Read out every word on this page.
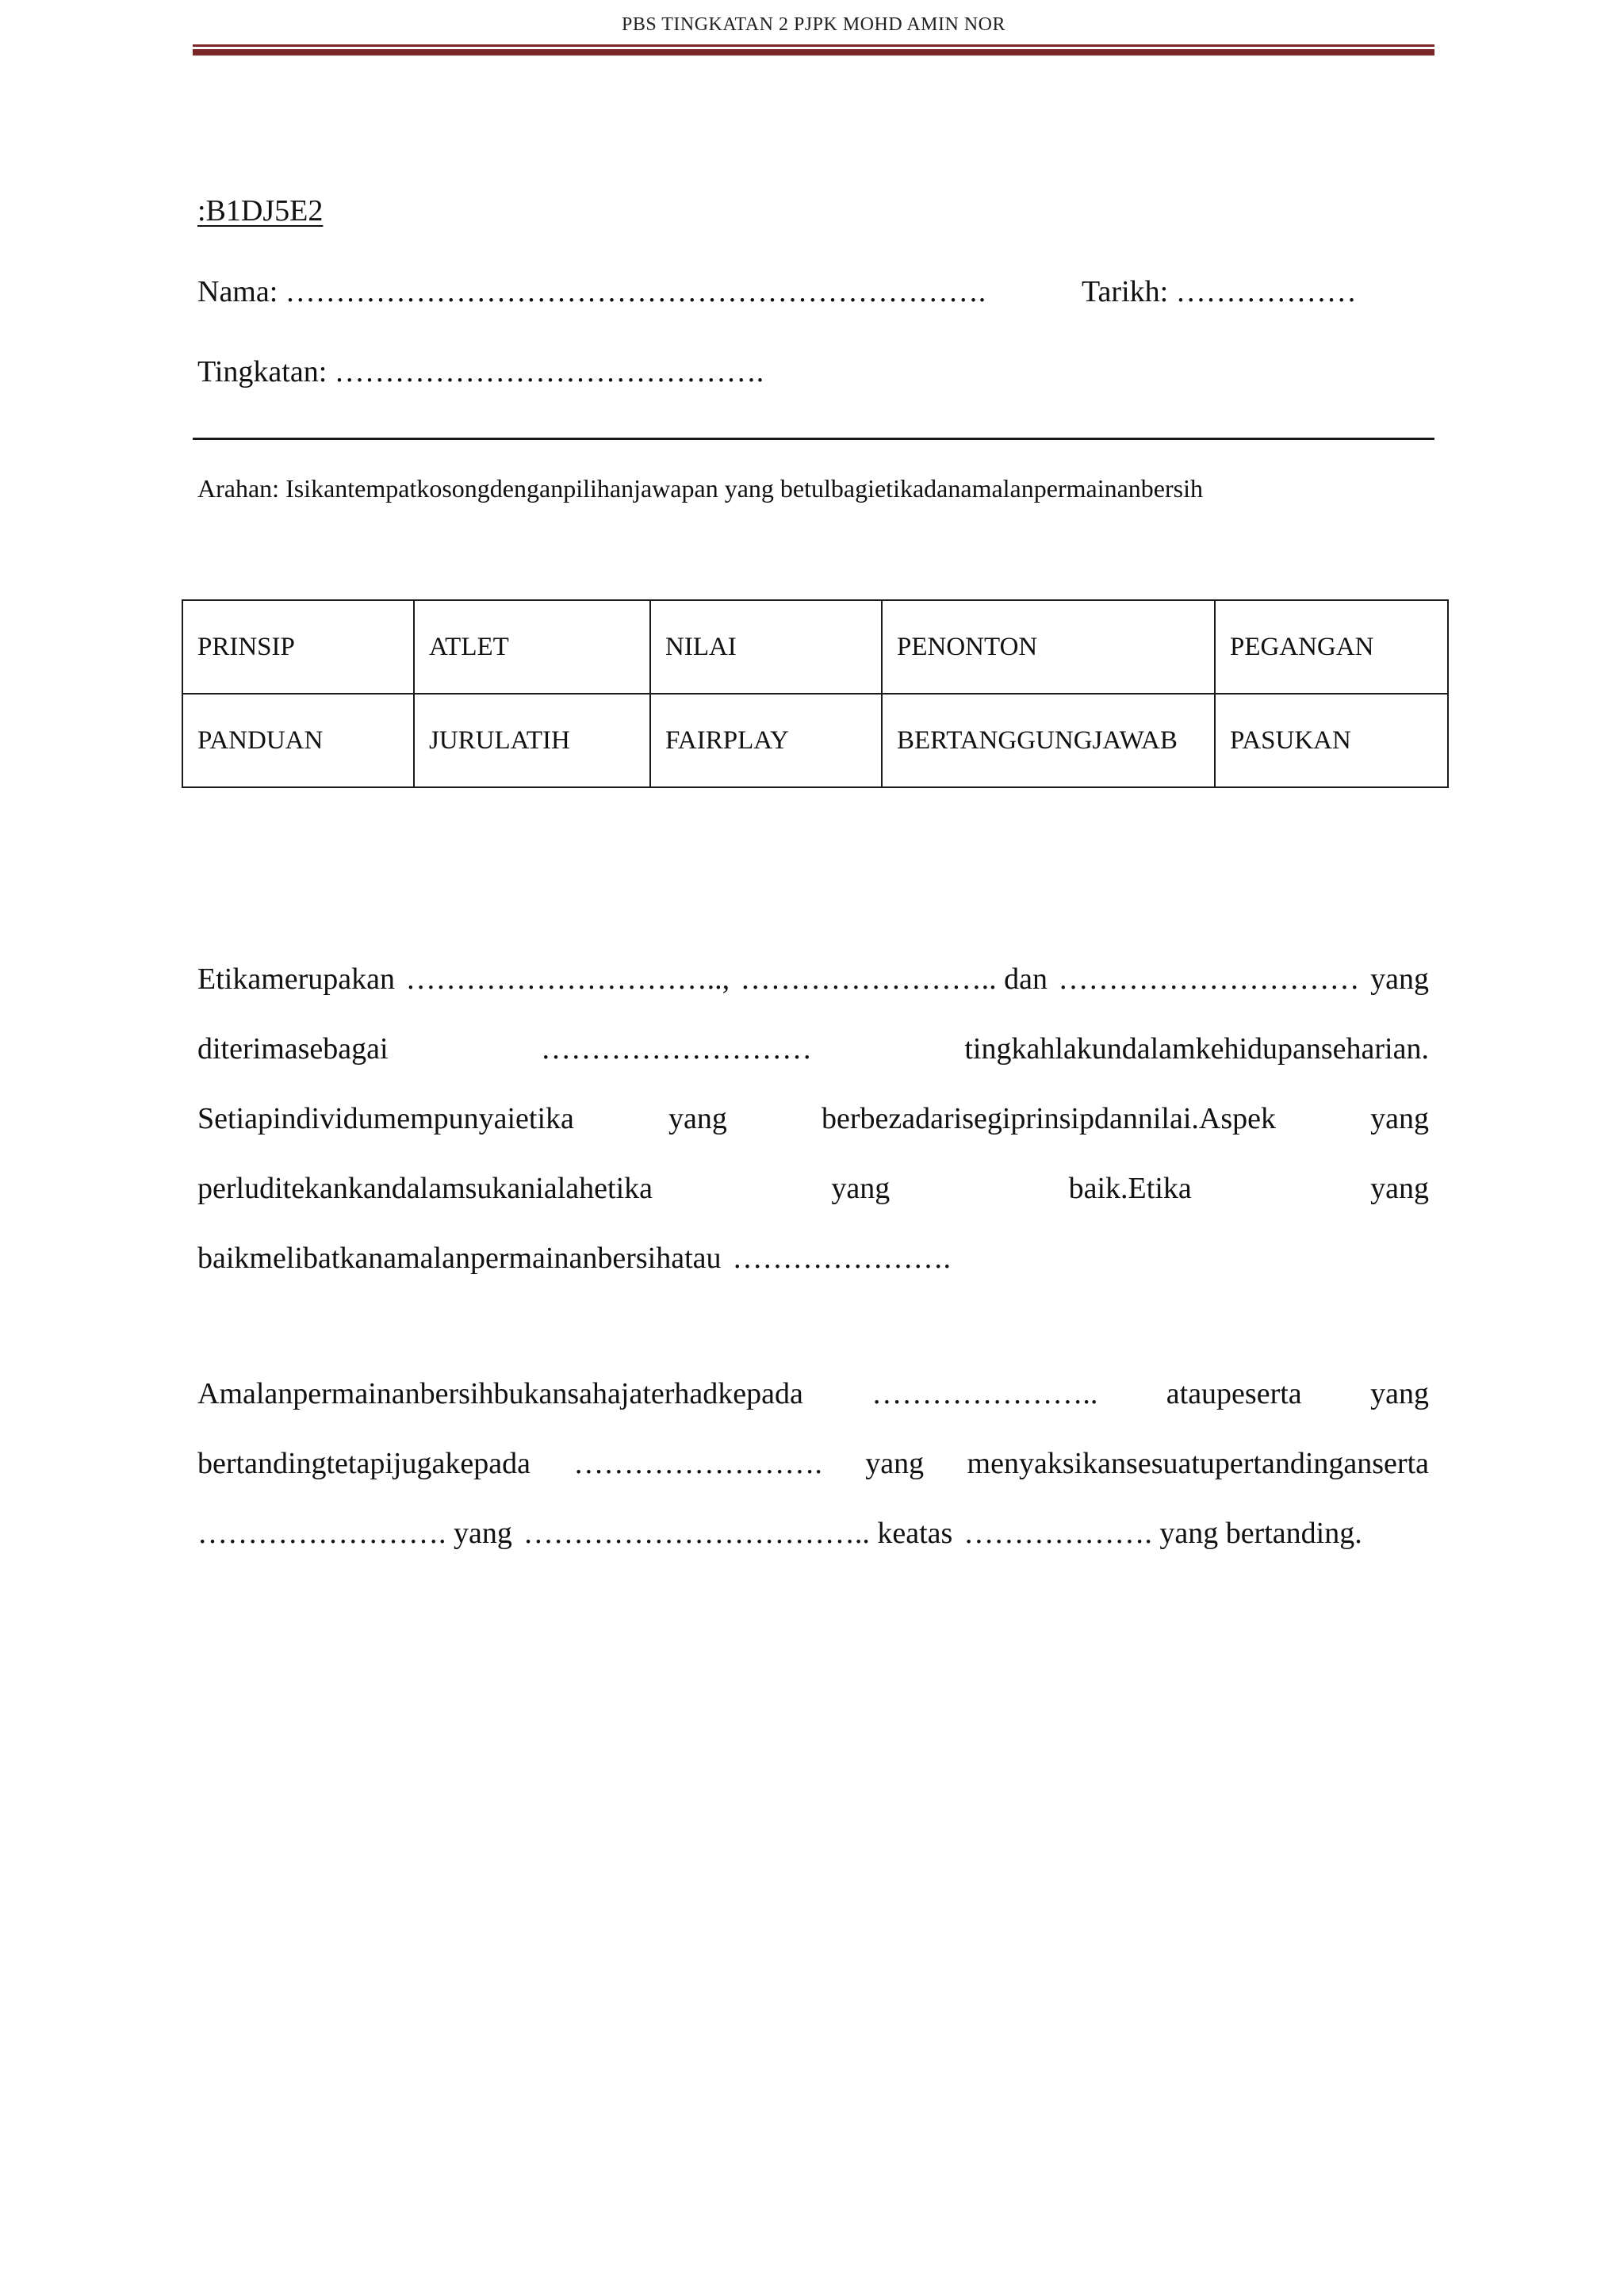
PBS TINGKATAN 2 PJPK MOHD AMIN NOR
:B1DJ5E2
Nama: …………………………………………………………….	Tarikh: ………………
Tingkatan: …………………………………….
Arahan: Isikantempatkosongdenganpilihanjawapan yang betulbagietikadanamalanpermainanbersih
PRINSIP	ATLET	NILAI	PENONTON	PEGANGAN
PANDUAN	JURULATIH	FAIRPLAY	BERTANGGUNGJAWAB	PASUKAN
Etikamerupakan ………………………….., …………………….. dan ………………………… yang
diterimasebagai	………………………	tingkahlakundalamkehidupanseharian.
Setiapindividumempunyaietika	yang	berbezadarisegiprinsipdannilai.Aspek	yang
perluditekankandalamsukanialahetika	yang	baik.Etika	yang
baikmelibatkanamalanpermainanbersihatau ………………….
Amalanpermainanbersihbukansahajaterhadkepada ………………….. ataupeserta yang
bertandingtetapijugakepada ……………………. yang menyaksikansesuatupertandinganserta
……………………. yang …………………………….. keatas ………………. yang bertanding.
